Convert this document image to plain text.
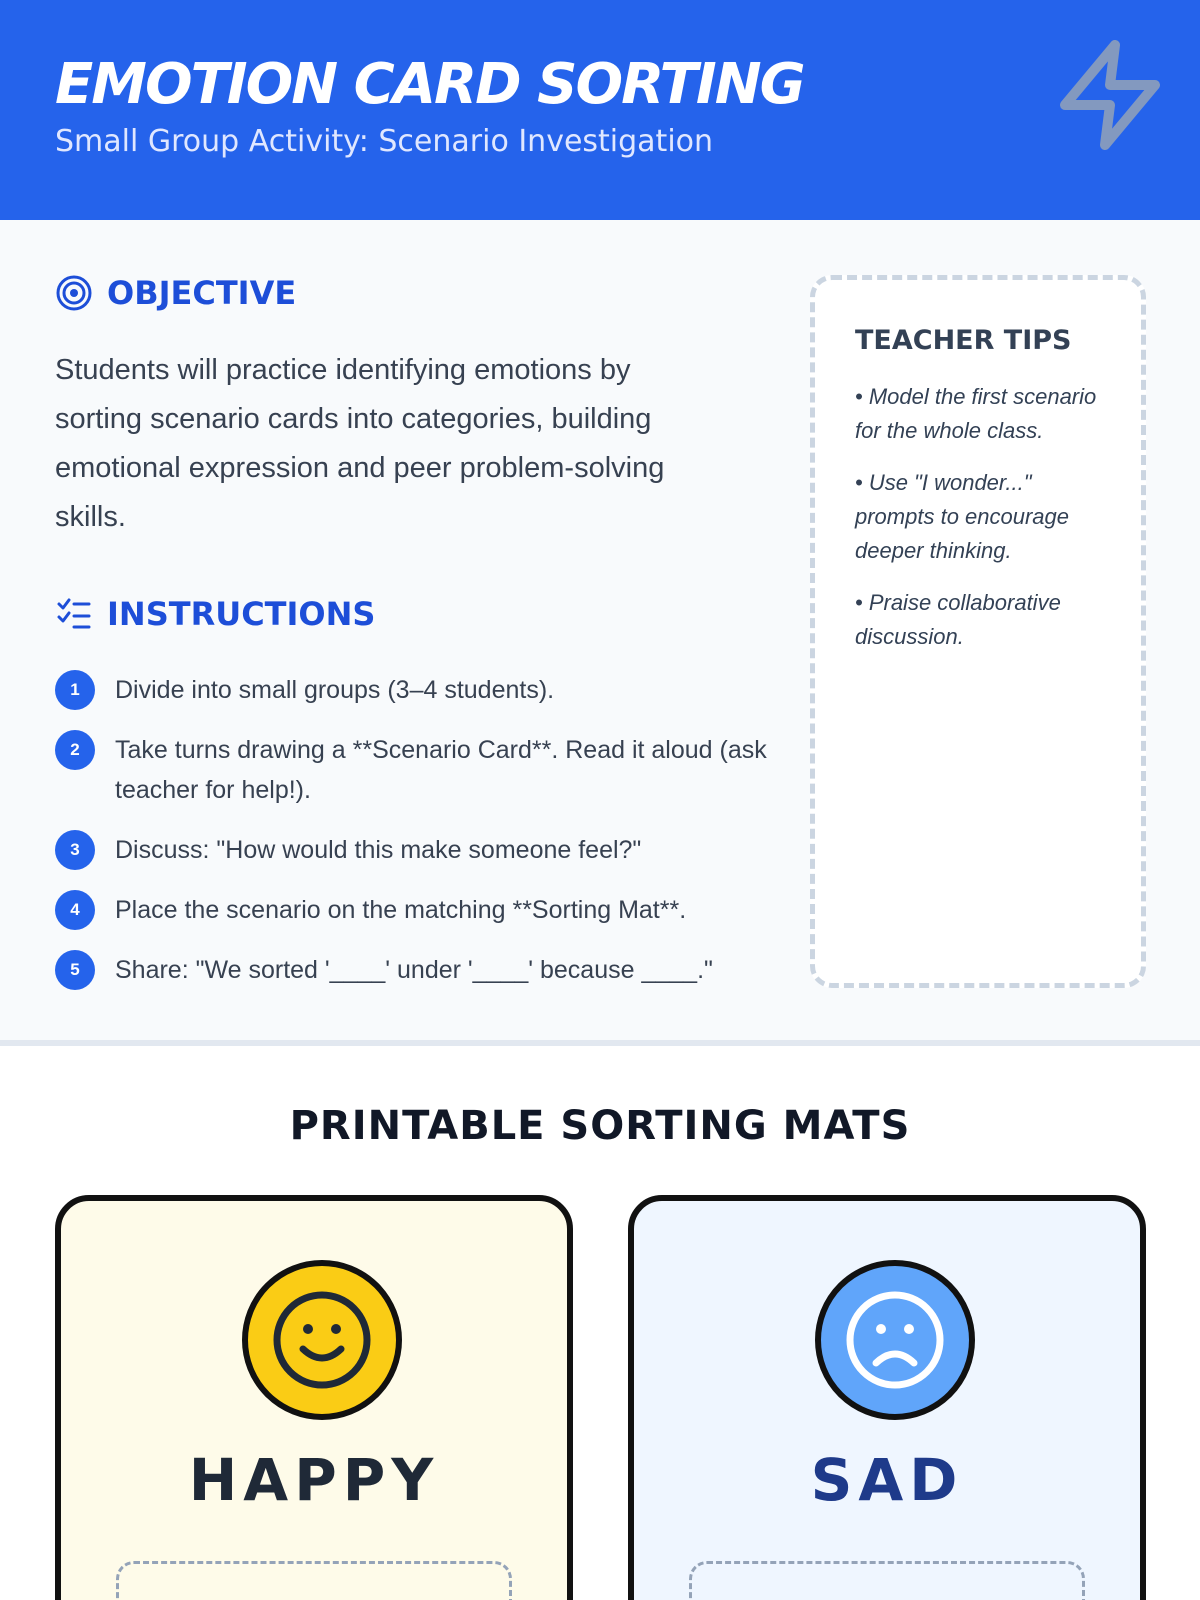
EMOTION CARD SORTING
Small Group Activity: Scenario Investigation
OBJECTIVE

Students will practice identifying emotions by sorting scenario cards into categories, building emotional expression and peer problem-solving skills.

INSTRUCTIONS
1	Divide into small groups (3–4 students).
2	Take turns drawing a **Scenario Card**. Read it aloud (ask teacher for help!).
3	Discuss: "How would this make someone feel?"
4	Place the scenario on the matching **Sorting Mat**.
5	Share: "We sorted '____' under '____' because ____."
TEACHER TIPS

• Model the first scenario for the whole class.

• Use "I wonder..." prompts to encourage deeper thinking.

• Praise collaborative discussion.

PRINTABLE SORTING MATS
HAPPY	SAD
